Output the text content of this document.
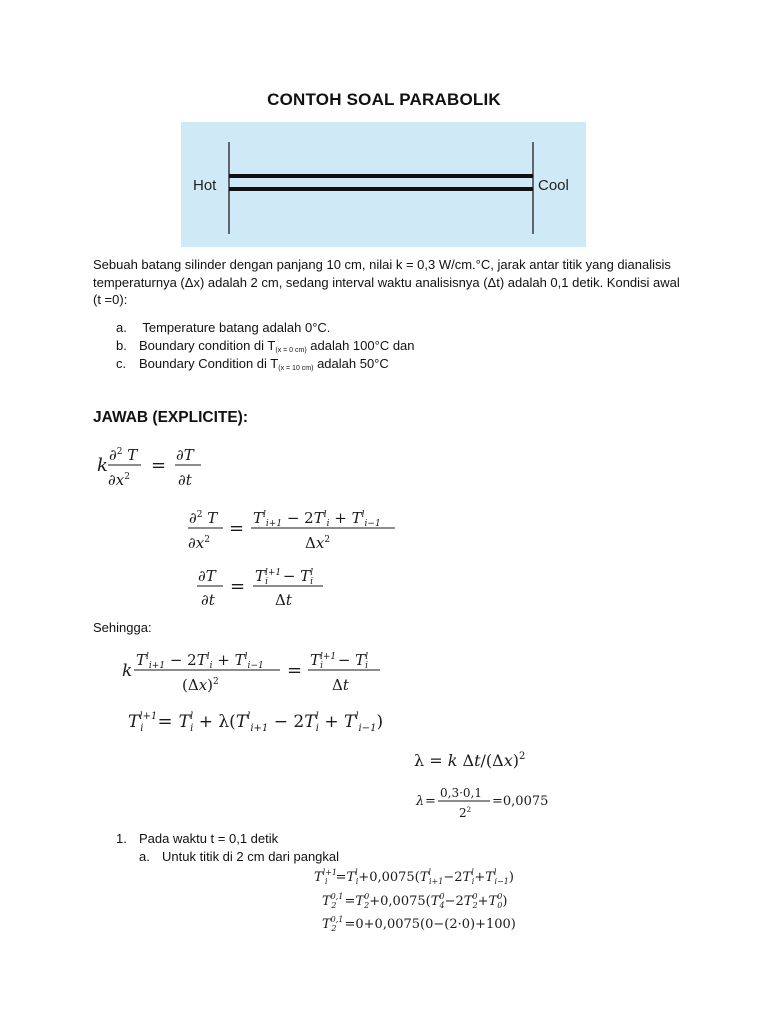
CONTOH SOAL PARABOLIK
Hot	Cool
Sebuah batang silinder dengan panjang 10 cm, nilai k = 0,3 W/cm.°C, jarak antar titik yang dianalisis temperaturnya (Δx) adalah 2 cm, sedang interval waktu analisisnya (Δt) adalah 0,1 detik. Kondisi awal (t =0):
a. Temperature batang adalah 0°C.
b. Boundary condition di $T_{(x = 0 cm)}$ adalah 100°C dan
c. Boundary Condition di $T_{(x = 10 cm)}$ adalah 50°C
JAWAB (EXPLICITE):
k ∂$^2$ T
$\partial x^2$
= ∂T
∂t
∂$^2$ T
$\partial x^2$
= $T^l_{i+1} - 2T^l_i + T^l_{i-1}$
$\Delta x^2$
∂T
∂t
= $T^{l+1}$ $i - T^l$ i
Δt
Sehingga:
k
$T^l_{i+1} - 2T^l_i + T^l_{i-1}$
$(\Delta x)^2$
= $T^{l+1}$ $i - T^l$ i
Δt
$T^{l+1}$ $i = T^l$ $i + \lambda(T^l_{i+1} - 2T^l$ $i + T^l_{i-1}$)
λ = k $\Delta t/(\Delta x)^2$
λ =
0,3·0,1
$2^2$
=0,0075
1. Pada waktu t = 0,1 detik
a. Untuk titik di 2 cm dari pangkal
$T^{l+1}$ $i =T^l$ $i+0,0075(T^l$ $i+1-2T^l$ $i+T^l$ i−1)
T$^{0,1}$ $2 =T^0$ $2+0,0075(T^0$ $4-2T^0$ $2+T^0$ 0)
T$^{0,1}$ 2 =0+0,0075(0−(2·0)+100)
